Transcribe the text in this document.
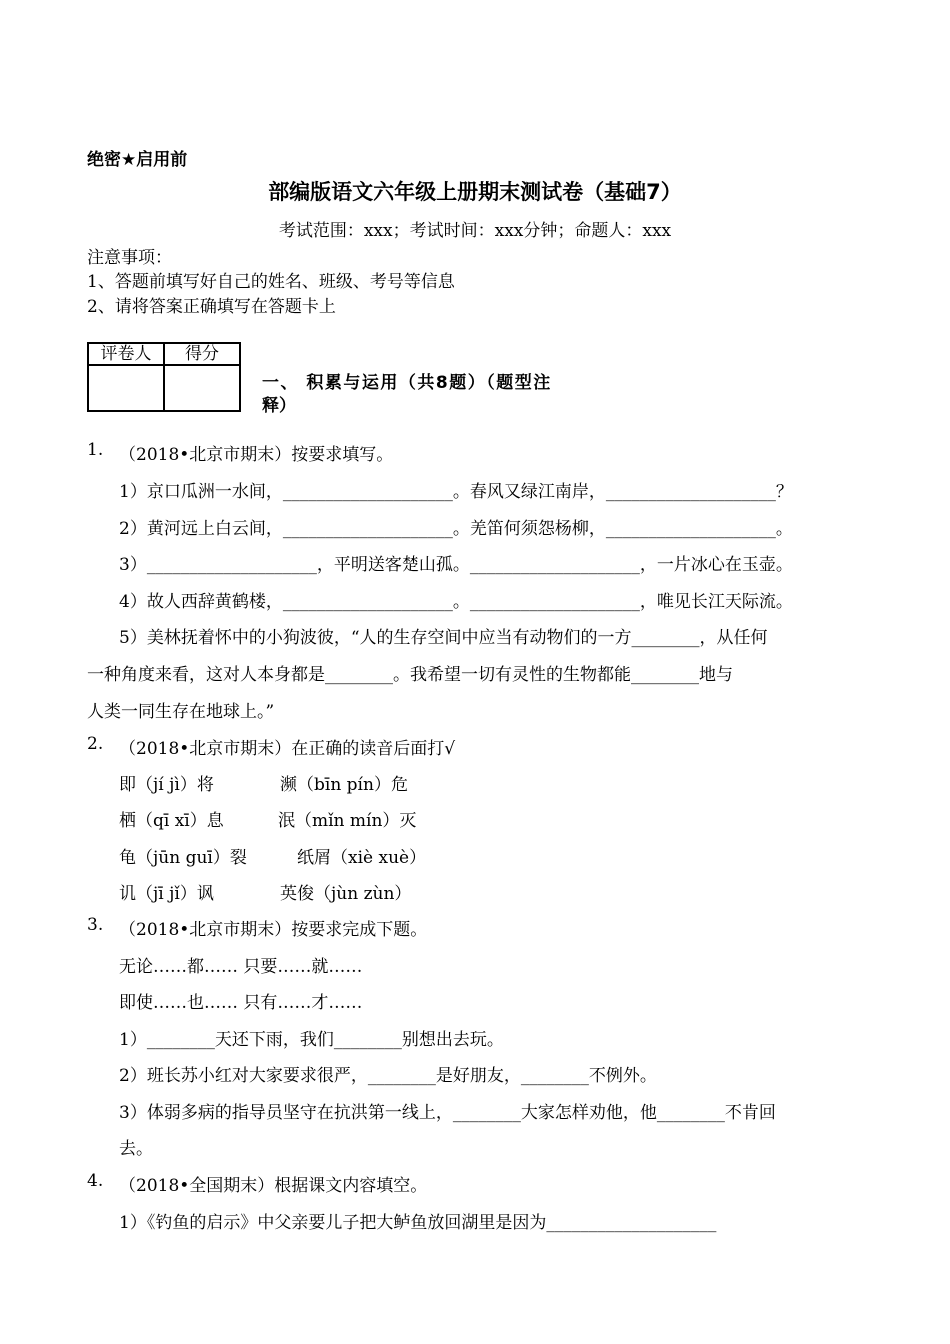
绝密★启用前
部编版语文六年级上册期末测试卷（基础7）
考试范围：xxx；考试时间：xxx分钟；命题人：xxx
注意事项：
1、答题前填写好自己的姓名、班级、考号等信息
2、请将答案正确填写在答题卡上
评卷人	得分

一、 积累与运用（共8题）（题型注
释）
1. （2018•北京市期末）按要求填写。
1）京口瓜洲一水间，____________________。春风又绿江南岸，____________________？
2）黄河远上白云间，____________________。羌笛何须怨杨柳，____________________。
3）____________________，平明送客楚山孤。____________________，一片冰心在玉壶。
4）故人西辞黄鹤楼，____________________。____________________，唯见长江天际流。
5）美林抚着怀中的小狗波彼，“人的生存空间中应当有动物们的一方________，从任何
一种角度来看，这对人本身都是________。我希望一切有灵性的生物都能________地与
人类一同生存在地球上。”
2. （2018•北京市期末）在正确的读音后面打√
即（jí jì）将	濒（bīn pín）危
栖（qī xī）息	泯（mǐn mín）灭
龟（jūn guī）裂	纸屑（xiè xuè）
讥（jī jǐ）讽	英俊（jùn zùn）
3. （2018•北京市期末）按要求完成下题。
无论……都…… 只要……就……
即使……也…… 只有……才……
1）________天还下雨，我们________别想出去玩。
2）班长苏小红对大家要求很严，________是好朋友，________不例外。
3）体弱多病的指导员坚守在抗洪第一线上，________大家怎样劝他，他________不肯回
去。
4. （2018•全国期末）根据课文内容填空。
1）《钓鱼的启示》中父亲要儿子把大鲈鱼放回湖里是因为____________________
